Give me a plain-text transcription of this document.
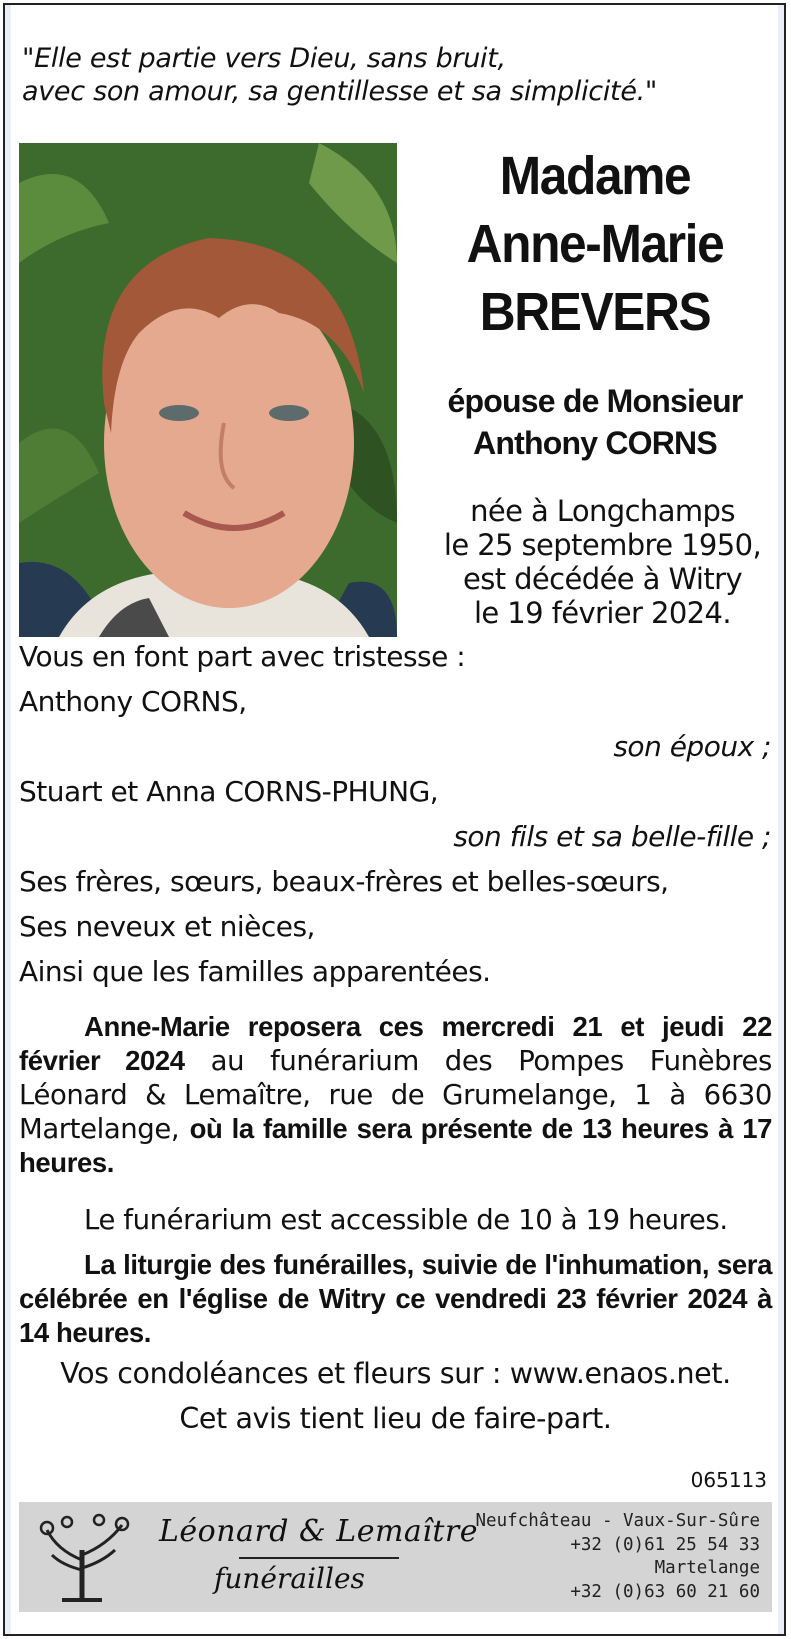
"Elle est partie vers Dieu, sans bruit,
avec son amour, sa gentillesse et sa simplicité."
Madame
Anne-Marie
BREVERS
épouse de Monsieur
Anthony CORNS
née à Longchamps
le 25 septembre 1950,
est décédée à Witry
le 19 février 2024.
Vous en font part avec tristesse :
Anthony CORNS,
son époux ;
Stuart et Anna CORNS-PHUNG,
son fils et sa belle-fille ;
Ses frères, sœurs, beaux-frères et belles-sœurs,
Ses neveux et nièces,
Ainsi que les familles apparentées.
Anne-Marie reposera ces mercredi 21 et jeudi 22 février 2024 au funérarium des Pompes Funèbres Léonard & Lemaître, rue de Grumelange, 1 à 6630 Martelange, où la famille sera présente de 13 heures à 17 heures.
Le funérarium est accessible de 10 à 19 heures.
La liturgie des funérailles, suivie de l'inhumation, sera célébrée en l'église de Witry ce vendredi 23 février 2024 à 14 heures.
Vos condoléances et fleurs sur : www.enaos.net.
Cet avis tient lieu de faire-part.
065113
Léonard & Lemaître
funérailles
Neufchâteau - Vaux-Sur-Sûre
+32 (0)61 25 54 33
Martelange
+32 (0)63 60 21 60
